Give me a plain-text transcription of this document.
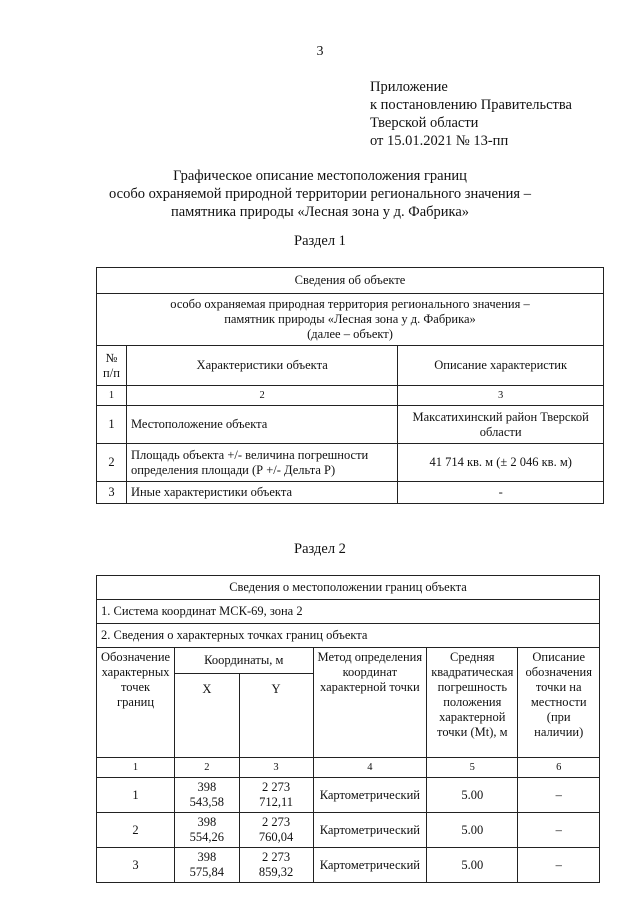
3
Приложение
к постановлению Правительства
Тверской области
от 15.01.2021 № 13-пп
Графическое описание местоположения границ
особо охраняемой природной территории регионального значения –
памятника природы «Лесная зона у д. Фабрика»
Раздел 1
Сведения об объекте		

особо охраняемая природная территория регионального значения –
памятник природы «Лесная зона у д. Фабрика»
(далее – объект)		

№ п/п	Характеристики объекта	Описание характеристик
1	2	3
1	Местоположение объекта	Максатихинский район Тверской области
2	Площадь объекта +/- величина погрешности определения площади (Р +/- Дельта Р)	41 714 кв. м (± 2 046 кв. м)
3	Иные характеристики объекта	-
Раздел 2
Сведения о местоположении границ объекта					
1. Система координат МСК-69, зона 2					
2. Сведения о характерных точках границ объекта					
Обозначение характерных точек границ	Координаты, м		Метод определения координат характерной точки	Средняя квадратическая погрешность положения характерной точки (Mt), м	Описание обозначения точки на местности (при наличии)
	X	Y			
1	2	3	4	5	6
1	398 543,58	2 273 712,11	Картометрический	5.00	–
2	398 554,26	2 273 760,04	Картометрический	5.00	–
3	398 575,84	2 273 859,32	Картометрический	5.00	–
